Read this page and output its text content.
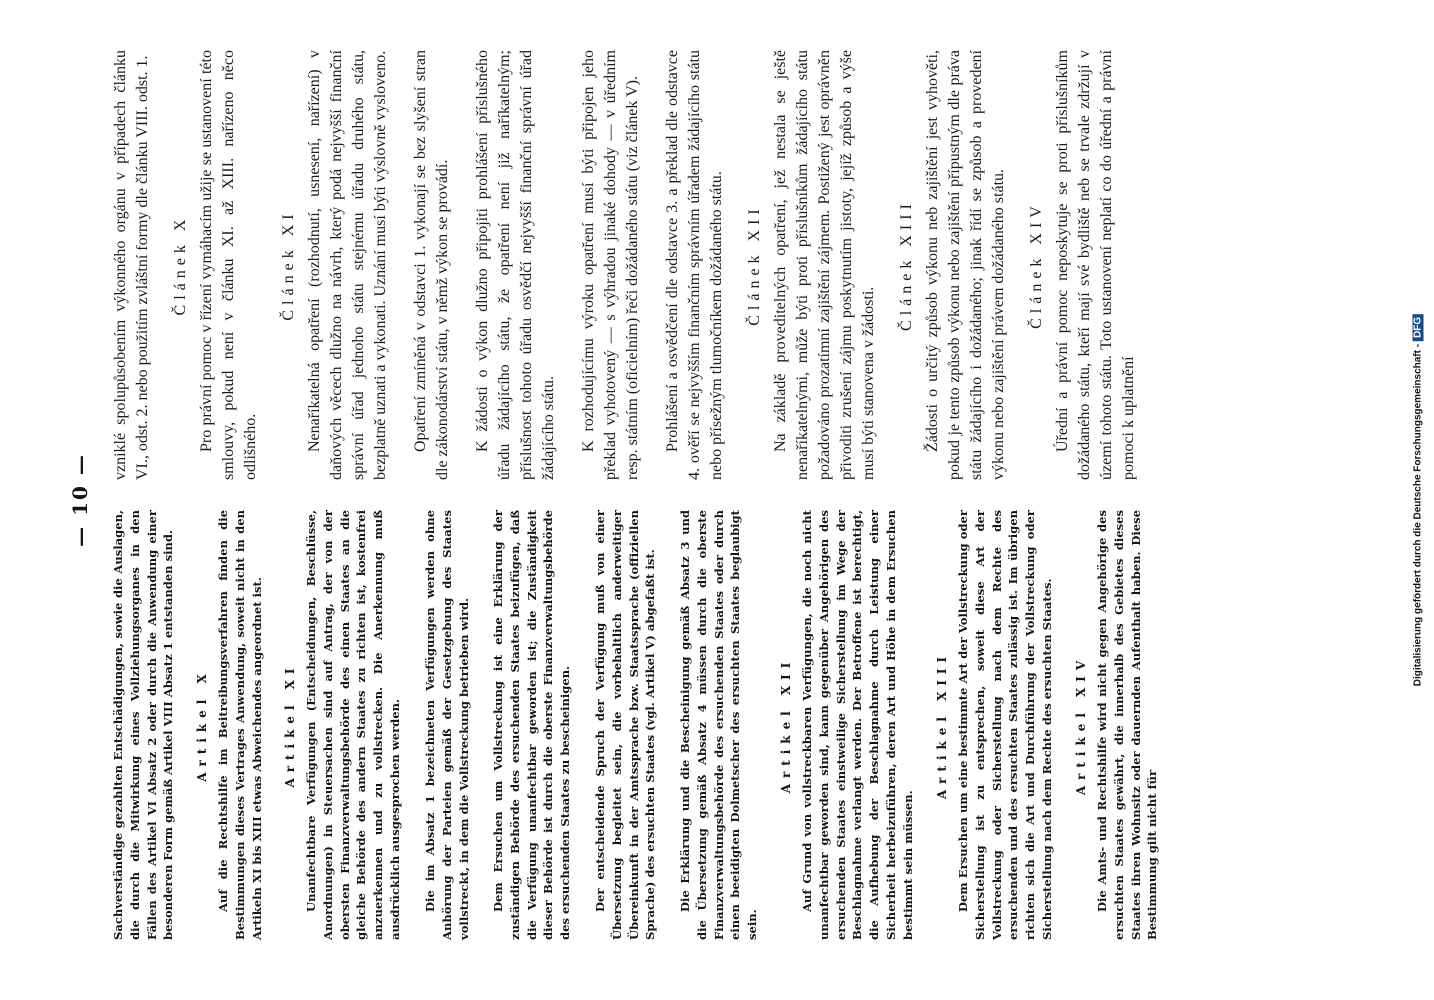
— 10 —
Sachverständige gezahlten Entschädigungen, sowie die Auslagen, die durch die Mitwirkung eines Vollziehungsorganes in den Fällen des Artikel VI Absatz 2 oder durch die Anwendung einer besonderen Form gemäß Artikel VIII Absatz 1 entstanden sind. Artikel X Auf die Rechtshilfe im Beitreibungsverfahren finden die Bestimmungen dieses Vertrages Anwendung, soweit nicht in den Artikeln XI bis XIII etwas Abweichendes angeordnet ist. Artikel XI Unanfechtbare Verfügungen (Entscheidungen, Beschlüsse, Anordnungen) in Steuersachen sind auf Antrag, der von der obersten Finanzverwaltungsbehörde des einen Staates an die gleiche Behörde des andern Staates zu richten ist, kostenfrei anzuerkennen und zu vollstrecken. Die Anerkennung muß ausdrücklich ausgesprochen werden. Die im Absatz 1 bezeichneten Verfügungen werden ohne Anhörung der Parteien gemäß der Gesetzgebung des Staates vollstreckt, in dem die Vollstreckung betrieben wird. Dem Ersuchen um Vollstreckung ist eine Erklärung der zuständigen Behörde des ersuchenden Staates beizufügen, daß die Verfügung unanfechtbar geworden ist; die Zuständigkeit dieser Behörde ist durch die oberste Finanzverwaltungsbehörde des ersuchenden Staates zu bescheinigen. Der entscheidende Spruch der Verfügung muß von einer Übersetzung begleitet sein, die vorbehaltlich anderweitiger Übereinkunft in der Amtssprache bzw. Staatssprache (offiziellen Sprache) des ersuchten Staates (vgl. Artikel V) abgefaßt ist. Die Erklärung und die Bescheinigung gemäß Absatz 3 und die Übersetzung gemäß Absatz 4 müssen durch die oberste Finanzverwaltungsbehörde des ersuchenden Staates oder durch einen beeidigten Dolmetscher des ersuchten Staates beglaubigt sein.
Artikel XII Auf Grund von vollstreckbaren Verfügungen, die noch nicht unanfechtbar geworden sind, kann gegenüber Angehörigen des ersuchenden Staates einstweilige Sicherstellung im Wege der Beschlagnahme verlangt werden. Der Betroffene ist berechtigt, die Aufhebung der Beschlagnahme durch Leistung einer Sicherheit herbeizuführen, deren Art und Höhe in dem Ersuchen bestimmt sein müssen.
Artikel XIII Dem Ersuchen um eine bestimmte Art der Vollstreckung oder Sicherstellung ist zu entsprechen, soweit diese Art der Vollstreckung oder Sicherstellung nach dem Rechte des ersuchenden und des ersuchten Staates zulässig ist. Im übrigen richten sich die Art und Durchführung der Vollstreckung oder Sicherstellung nach dem Rechte des ersuchten Staates. Artikel XIV Die Amts- und Rechtshilfe wird nicht gegen Angehörige des ersuchten Staates gewährt, die innerhalb des Gebietes dieses Staates ihren Wohnsitz oder dauernden Aufenthalt haben. Diese Bestimmung gilt nicht für
vzniklé spolupůsobením výkonného orgánu v případech článku VI., odst. 2. nebo použitím zvláštní formy dle článku VIII. odst. 1. Článek X Pro právní pomoc v řízení vymáhacím užije se ustanovení této smlouvy, pokud není v článku XI. až XIII. nařízeno něco odlišného.
Článek XI Nenaříkatelná opatření (rozhodnutí, usnesení, nařízení) v daňových věcech dlužno na návrh, který podá nejvyšší finanční správní úřad jednoho státu stejnému úřadu druhého státu, bezplatně uznati a vykonati. Uznání musí býti výslovně vysloveno. Opatření zmíněná v odstavci 1. vykonají se bez slyšení stran dle zákonodárství státu, v němž výkon se provádí. K žádosti o výkon dlužno připojiti prohlášení příslušného úřadu žádajícího státu, že opatření není již naříkatelným; příslušnost tohoto úřadu osvědčí nejvyšší finanční správní úřad žádajícího státu. K rozhodujícímu výroku opatření musí býti připojen jeho překlad vyhotovený — s výhradou jinaké dohody — v úředním resp. státním (oficielním) řeči dožádaného státu (viz článek V). Prohlášení a osvědčení dle odstavce 3. a překlad dle odstavce 4. ověří se nejvyšším finančním správním úřadem žádajícího státu nebo přísežným tlumočníkem dožádaného státu. Článek XII Na základě proveditelných opatření, jež nestala se ještě nenaříkatelnými, může býti proti příslušníkům žádajícího státu požadováno prozatímní zajištění zájmem. Postižený jest oprávněn přivoditi zrušení zájmu poskytnutím jistoty, jejíž způsob a výše musí býti stanovena v žádosti.
Článek XIII Žádosti o určitý způsob výkonu neb zajištění jest vyhověti, pokud je tento způsob výkonu nebo zajištění přípustným dle práva státu žádajícího i dožádaného; jinak řídí se způsob a provedení výkonu nebo zajištění právem dožádaného státu. Článek XIV Úřední a právní pomoc neposkytuje se proti příslušníkům dožádaného státu, kteří mají své bydliště neb se trvale zdržují v území tohoto státu. Toto ustanovení neplatí co do úřední a právní pomoci k uplatnění	Digitalisierung gefördert durch die Deutsche Forschungsgemeinschaft -DFG
